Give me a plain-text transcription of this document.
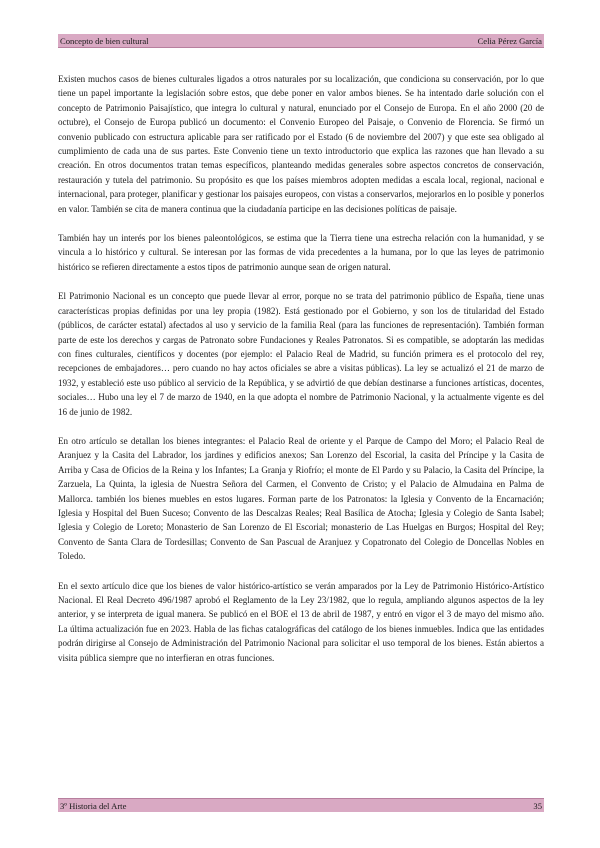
Concepto de bien cultural	Celia Pérez García

Existen muchos casos de bienes culturales ligados a otros naturales por su localización, que condiciona su conservación, por lo que tiene un papel importante la legislación sobre estos, que debe poner en valor ambos bienes. Se ha intentado darle solución con el concepto de Patrimonio Paisajístico, que integra lo cultural y natural, enunciado por el Consejo de Europa. En el año 2000 (20 de octubre), el Consejo de Europa publicó un documento: el Convenio Europeo del Paisaje, o Convenio de Florencia. Se firmó un convenio publicado con estructura aplicable para ser ratificado por el Estado (6 de noviembre del 2007) y que este sea obligado al cumplimiento de cada una de sus partes. Este Convenio tiene un texto introductorio que explica las razones que han llevado a su creación. En otros documentos tratan temas específicos, planteando medidas generales sobre aspectos concretos de conservación, restauración y tutela del patrimonio. Su propósito es que los países miembros adopten medidas a escala local, regional, nacional e internacional, para proteger, planificar y gestionar los paisajes europeos, con vistas a conservarlos, mejorarlos en lo posible y ponerlos en valor. También se cita de manera continua que la ciudadanía participe en las decisiones políticas de paisaje.

También hay un interés por los bienes paleontológicos, se estima que la Tierra tiene una estrecha relación con la humanidad, y se vincula a lo histórico y cultural. Se interesan por las formas de vida precedentes a la humana, por lo que las leyes de patrimonio histórico se refieren directamente a estos tipos de patrimonio aunque sean de origen natural.

El Patrimonio Nacional es un concepto que puede llevar al error, porque no se trata del patrimonio público de España, tiene unas características propias definidas por una ley propia (1982). Está gestionado por el Gobierno, y son los de titularidad del Estado (públicos, de carácter estatal) afectados al uso y servicio de la familia Real (para las funciones de representación). También forman parte de este los derechos y cargas de Patronato sobre Fundaciones y Reales Patronatos. Si es compatible, se adoptarán las medidas con fines culturales, científicos y docentes (por ejemplo: el Palacio Real de Madrid, su función primera es el protocolo del rey, recepciones de embajadores… pero cuando no hay actos oficiales se abre a visitas públicas). La ley se actualizó el 21 de marzo de 1932, y estableció este uso público al servicio de la República, y se advirtió de que debían destinarse a funciones artísticas, docentes, sociales… Hubo una ley el 7 de marzo de 1940, en la que adopta el nombre de Patrimonio Nacional, y la actualmente vigente es del 16 de junio de 1982.

En otro artículo se detallan los bienes integrantes: el Palacio Real de oriente y el Parque de Campo del Moro; el Palacio Real de Aranjuez y la Casita del Labrador, los jardines y edificios anexos; San Lorenzo del Escorial, la casita del Príncipe y la Casita de Arriba y Casa de Oficios de la Reina y los Infantes; La Granja y Riofrío; el monte de El Pardo y su Palacio, la Casita del Príncipe, la Zarzuela, La Quinta, la iglesia de Nuestra Señora del Carmen, el Convento de Cristo; y el Palacio de Almudaina en Palma de Mallorca. también los bienes muebles en estos lugares. Forman parte de los Patronatos: la Iglesia y Convento de la Encarnación; Iglesia y Hospital del Buen Suceso; Convento de las Descalzas Reales; Real Basílica de Atocha; Iglesia y Colegio de Santa Isabel; Iglesia y Colegio de Loreto; Monasterio de San Lorenzo de El Escorial; monasterio de Las Huelgas en Burgos; Hospital del Rey; Convento de Santa Clara de Tordesillas; Convento de San Pascual de Aranjuez y Copatronato del Colegio de Doncellas Nobles en Toledo.

En el sexto artículo dice que los bienes de valor histórico-artístico se verán amparados por la Ley de Patrimonio Histórico-Artístico Nacional. El Real Decreto 496/1987 aprobó el Reglamento de la Ley 23/1982, que lo regula, ampliando algunos aspectos de la ley anterior, y se interpreta de igual manera. Se publicó en el BOE el 13 de abril de 1987, y entró en vigor el 3 de mayo del mismo año. La última actualización fue en 2023. Habla de las fichas catalográficas del catálogo de los bienes inmuebles. Indica que las entidades podrán dirigirse al Consejo de Administración del Patrimonio Nacional para solicitar el uso temporal de los bienes. Están abiertos a visita pública siempre que no interfieran en otras funciones.

3º Historia del Arte	35
